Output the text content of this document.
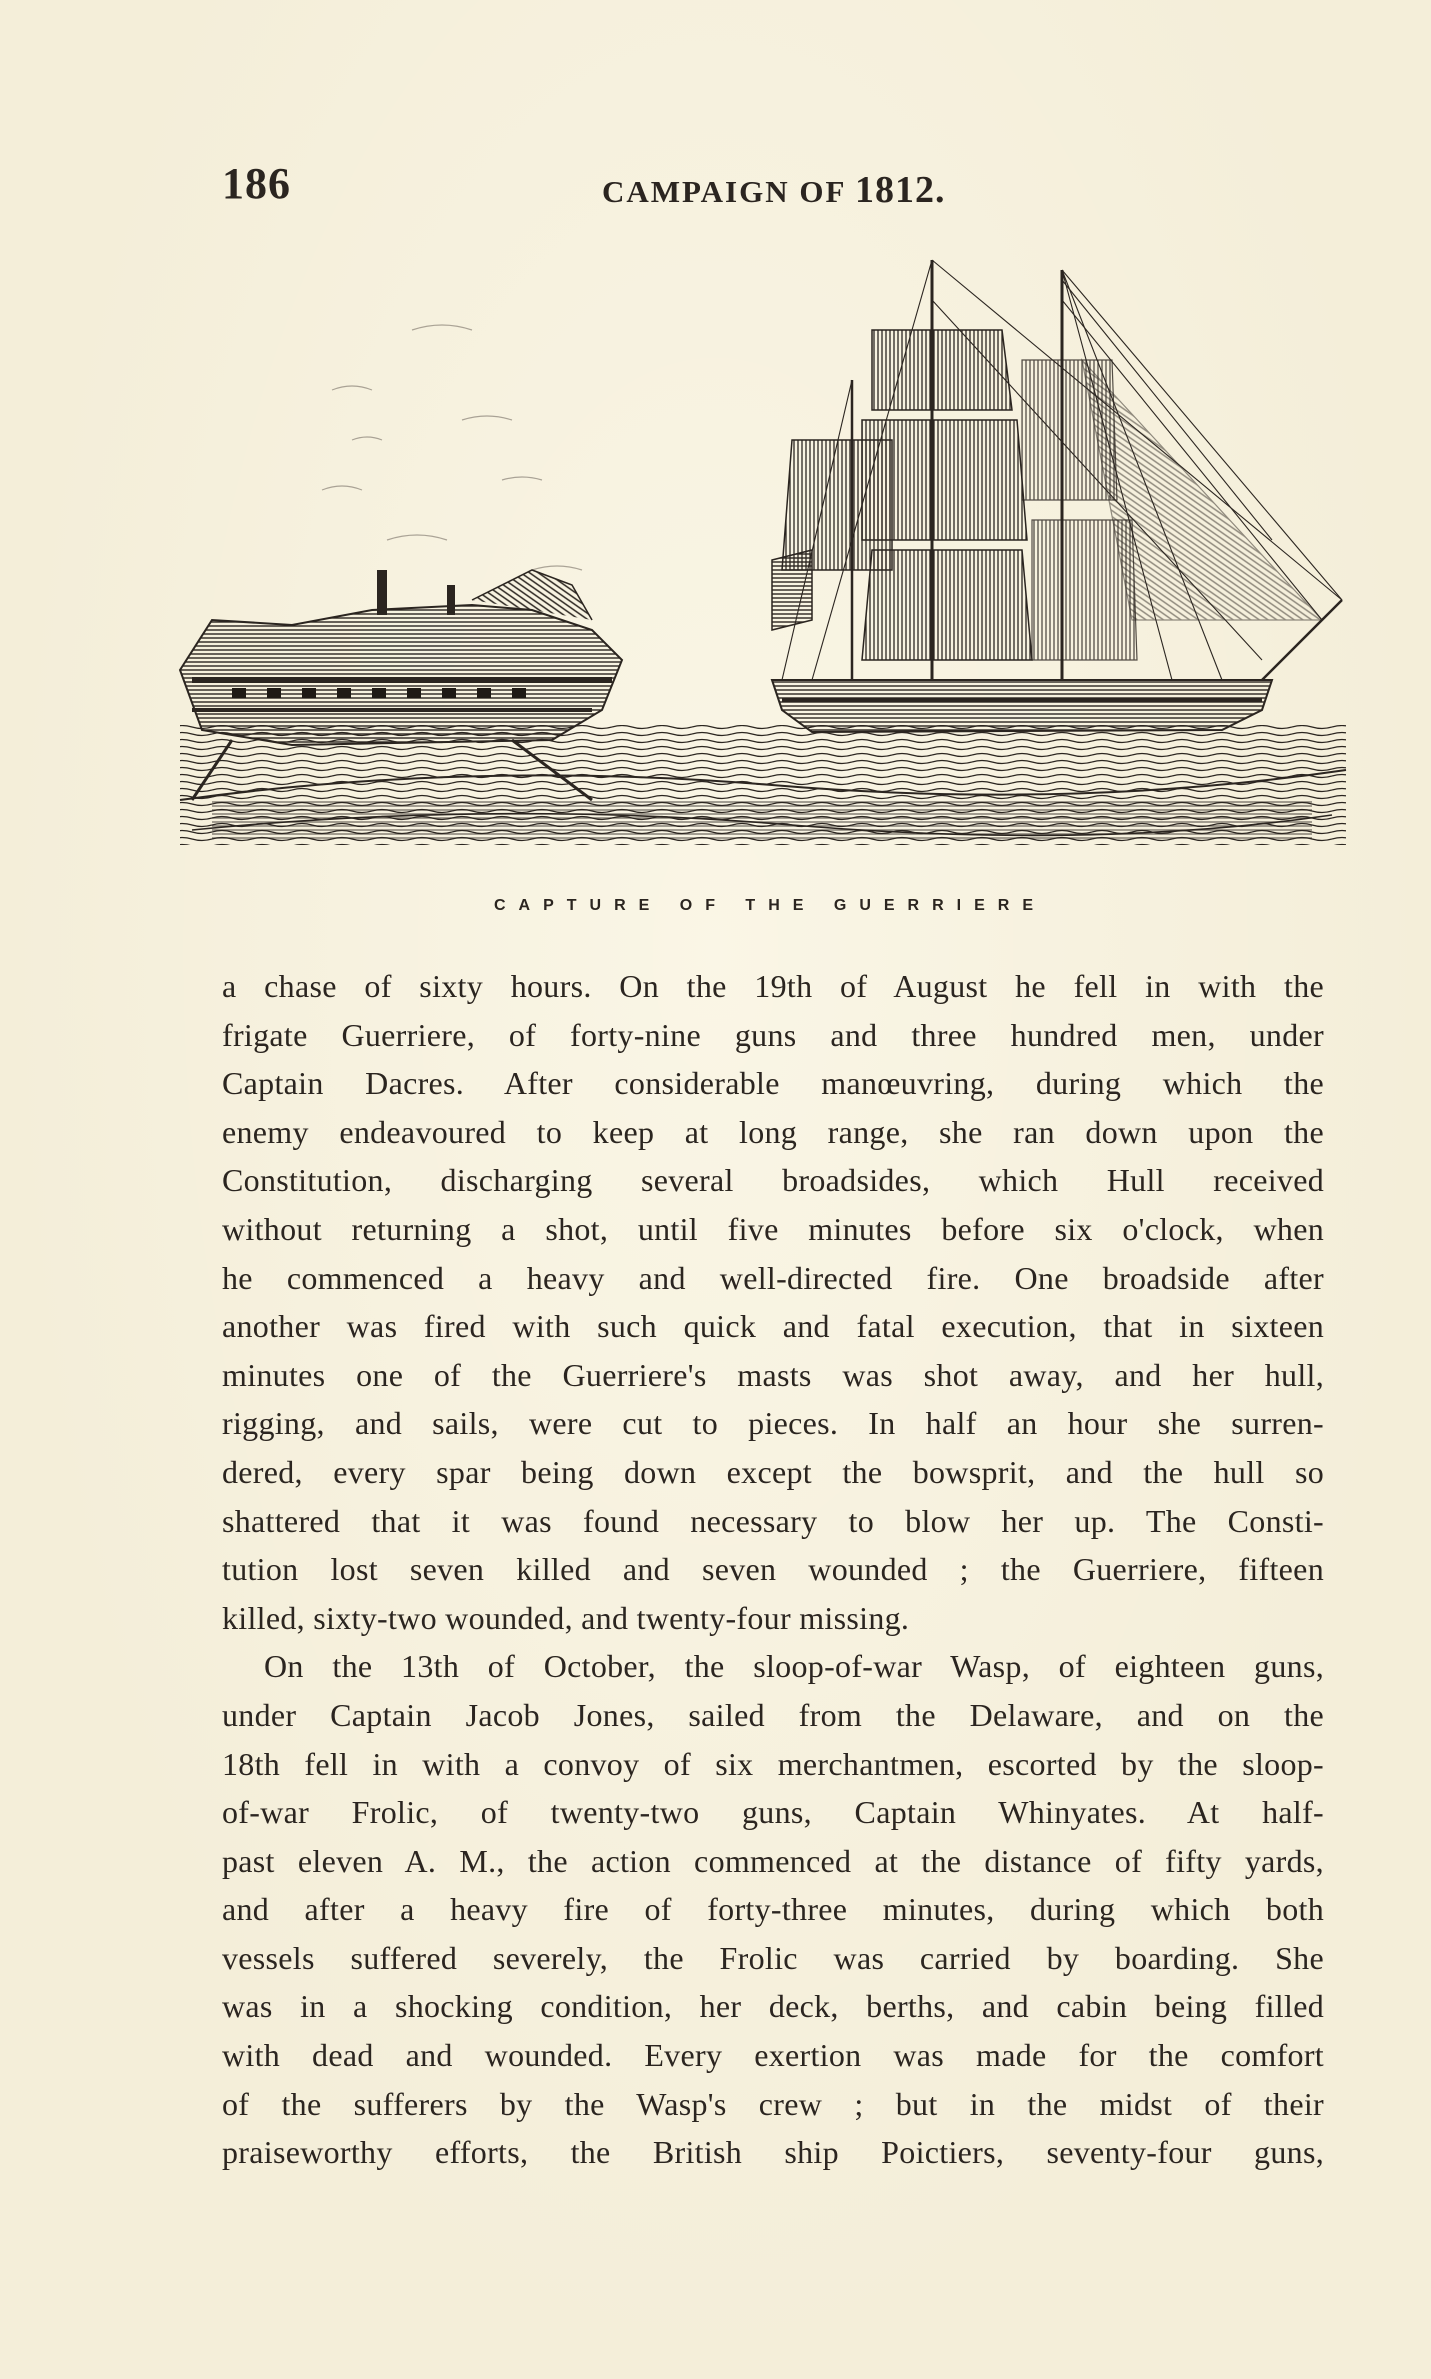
186	CAMPAIGN OF 1812.
CAPTURE OF THE GUERRIERE
a chase of sixty hours. On the 19th of August he fell in with the
frigate Guerriere, of forty-nine guns and three hundred men, under
Captain Dacres. After considerable manœuvring, during which the
enemy endeavoured to keep at long range, she ran down upon the
Constitution, discharging several broadsides, which Hull received
without returning a shot, until five minutes before six o'clock, when
he commenced a heavy and well-directed fire. One broadside after
another was fired with such quick and fatal execution, that in sixteen
minutes one of the Guerriere's masts was shot away, and her hull,
rigging, and sails, were cut to pieces. In half an hour she surren-
dered, every spar being down except the bowsprit, and the hull so
shattered that it was found necessary to blow her up. The Consti-
tution lost seven killed and seven wounded ; the Guerriere, fifteen
killed, sixty-two wounded, and twenty-four missing.
On the 13th of October, the sloop-of-war Wasp, of eighteen guns,
under Captain Jacob Jones, sailed from the Delaware, and on the
18th fell in with a convoy of six merchantmen, escorted by the sloop-
of-war Frolic, of twenty-two guns, Captain Whinyates. At half-
past eleven A. M., the action commenced at the distance of fifty yards,
and after a heavy fire of forty-three minutes, during which both
vessels suffered severely, the Frolic was carried by boarding. She
was in a shocking condition, her deck, berths, and cabin being filled
with dead and wounded. Every exertion was made for the comfort
of the sufferers by the Wasp's crew ; but in the midst of their
praiseworthy efforts, the British ship Poictiers, seventy-four guns,
